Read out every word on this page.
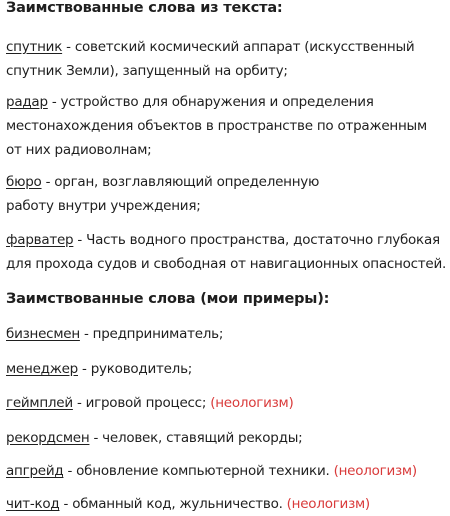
Заимствованные слова из текста:
спутник - советский космический аппарат (искусственный спутник Земли), запущенный на орбиту;
радар - устройство для обнаружения и определения местонахождения объектов в пространстве по отраженным от них радиоволнам;
бюро - орган, возглавляющий определенную работу внутри учреждения;
фарватер - Часть водного пространства, достаточно глубокая для прохода судов и свободная от навигационных опасностей.
Заимствованные слова (мои примеры):
бизнесмен - предприниматель;
менеджер - руководитель;
геймплей - игровой процесс; (неологизм)
рекордсмен - человек, ставящий рекорды;
апгрейд - обновление компьютерной техники. (неологизм)
чит-код - обманный код, жульничество. (неологизм)
